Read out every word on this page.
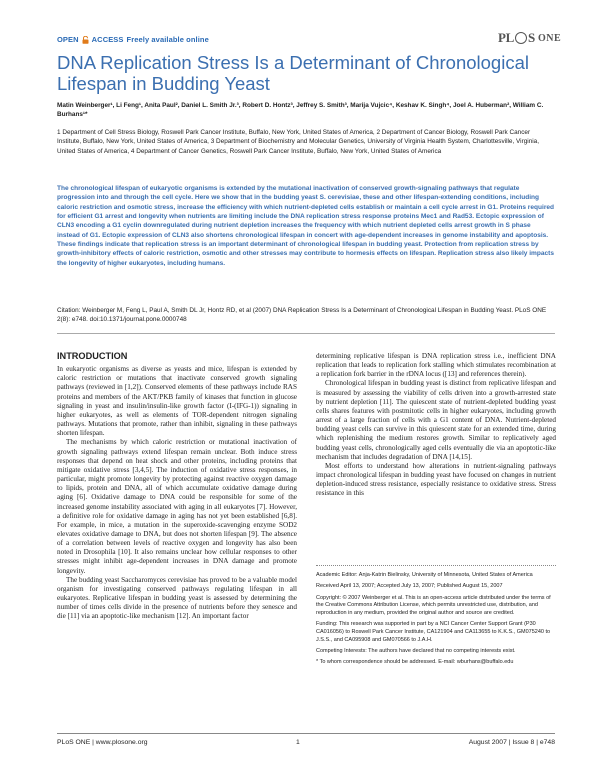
OPEN ACCESS Freely available online	PL S ONE
DNA Replication Stress Is a Determinant of Chronological Lifespan in Budding Yeast
Matin Weinberger¹, Li Feng¹, Anita Paul², Daniel L. Smith Jr.³, Robert D. Hontz³, Jeffrey S. Smith³, Marija Vujcic⁴, Keshav K. Singh⁴, Joel A. Huberman², William C. Burhans¹*
1 Department of Cell Stress Biology, Roswell Park Cancer Institute, Buffalo, New York, United States of America, 2 Department of Cancer Biology, Roswell Park Cancer Institute, Buffalo, New York, United States of America, 3 Department of Biochemistry and Molecular Genetics, University of Virginia Health System, Charlottesville, Virginia, United States of America, 4 Department of Cancer Genetics, Roswell Park Cancer Institute, Buffalo, New York, United States of America
The chronological lifespan of eukaryotic organisms is extended by the mutational inactivation of conserved growth-signaling pathways that regulate progression into and through the cell cycle. Here we show that in the budding yeast S. cerevisiae, these and other lifespan-extending conditions, including caloric restriction and osmotic stress, increase the efficiency with which nutrient-depleted cells establish or maintain a cell cycle arrest in G1. Proteins required for efficient G1 arrest and longevity when nutrients are limiting include the DNA replication stress response proteins Mec1 and Rad53. Ectopic expression of CLN3 encoding a G1 cyclin downregulated during nutrient depletion increases the frequency with which nutrient depleted cells arrest growth in S phase instead of G1. Ectopic expression of CLN3 also shortens chronological lifespan in concert with age-dependent increases in genome instability and apoptosis. These findings indicate that replication stress is an important determinant of chronological lifespan in budding yeast. Protection from replication stress by growth-inhibitory effects of caloric restriction, osmotic and other stresses may contribute to hormesis effects on lifespan. Replication stress also likely impacts the longevity of higher eukaryotes, including humans.
Citation: Weinberger M, Feng L, Paul A, Smith DL Jr, Hontz RD, et al (2007) DNA Replication Stress Is a Determinant of Chronological Lifespan in Budding Yeast. PLoS ONE 2(8): e748. doi:10.1371/journal.pone.0000748
INTRODUCTION

In eukaryotic organisms as diverse as yeasts and mice, lifespan is extended by caloric restriction or mutations that inactivate conserved growth signaling pathways (reviewed in [1,2]). Conserved elements of these pathways include RAS proteins and members of the AKT/PKB family of kinases that function in glucose signaling in yeast and insulin/insulin-like growth factor (I-(IFG-1)) signaling in higher eukaryotes, as well as elements of TOR-dependent nitrogen signaling pathways. Mutations that promote, rather than inhibit, signaling in these pathways shorten lifespan.

The mechanisms by which caloric restriction or mutational inactivation of growth signaling pathways extend lifespan remain unclear. Both induce stress responses that depend on heat shock and other proteins, including proteins that mitigate oxidative stress [3,4,5]. The induction of oxidative stress responses, in particular, might promote longevity by protecting against reactive oxygen damage to lipids, protein and DNA, all of which accumulate oxidative damage during aging [6]. Oxidative damage to DNA could be responsible for some of the increased genome instability associated with aging in all eukaryotes [7]. However, a definitive role for oxidative damage in aging has not yet been established [6,8]. For example, in mice, a mutation in the superoxide-scavenging enzyme SOD2 elevates oxidative damage to DNA, but does not shorten lifespan [9]. The absence of a correlation between levels of reactive oxygen and longevity has also been noted in Drosophila [10]. It also remains unclear how cellular responses to other stresses might inhibit age-dependent increases in DNA damage and promote longevity.

The budding yeast Saccharomyces cerevisiae has proved to be a valuable model organism for investigating conserved pathways regulating lifespan in all eukaryotes. Replicative lifespan in budding yeast is assessed by determining the number of times cells divide in the presence of nutrients before they senesce and die [11] via an apoptotic-like mechanism [12]. An important factor

determining replicative lifespan is DNA replication stress i.e., inefficient DNA replication that leads to replication fork stalling which stimulates recombination at a replication fork barrier in the rDNA locus ([13] and references therein).

Chronological lifespan in budding yeast is distinct from replicative lifespan and is measured by assessing the viability of cells driven into a growth-arrested state by nutrient depletion [11]. The quiescent state of nutrient-depleted budding yeast cells shares features with postmitotic cells in higher eukaryotes, including growth arrest of a large fraction of cells with a G1 content of DNA. Nutrient-depleted budding yeast cells can survive in this quiescent state for an extended time, during which replenishing the medium restores growth. Similar to replicatively aged budding yeast cells, chronologically aged cells eventually die via an apoptotic-like mechanism that includes degradation of DNA [14,15].

Most efforts to understand how alterations in nutrient-signaling pathways impact chronological lifespan in budding yeast have focused on changes in nutrient depletion-induced stress resistance, especially resistance to oxidative stress. Stress resistance in this

Academic Editor: Anja-Katrin Bielinsky, University of Minnesota, United States of America

Received April 13, 2007; Accepted July 13, 2007; Published August 15, 2007

Copyright: © 2007 Weinberger et al. This is an open-access article distributed under the terms of the Creative Commons Attribution License, which permits unrestricted use, distribution, and reproduction in any medium, provided the original author and source are credited.

Funding: This research was supported in part by a NCI Cancer Center Support Grant (P30 CA016056) to Roswell Park Cancer Institute, CA121904 and CA113655 to K.K.S., GM075240 to J.S.S., and CA095908 and GM070566 to J.A.H.

Competing Interests: The authors have declared that no competing interests exist.

* To whom correspondence should be addressed. E-mail: wburhans@buffalo.edu

PLoS ONE | www.plosone.org	1	August 2007 | Issue 8 | e748
